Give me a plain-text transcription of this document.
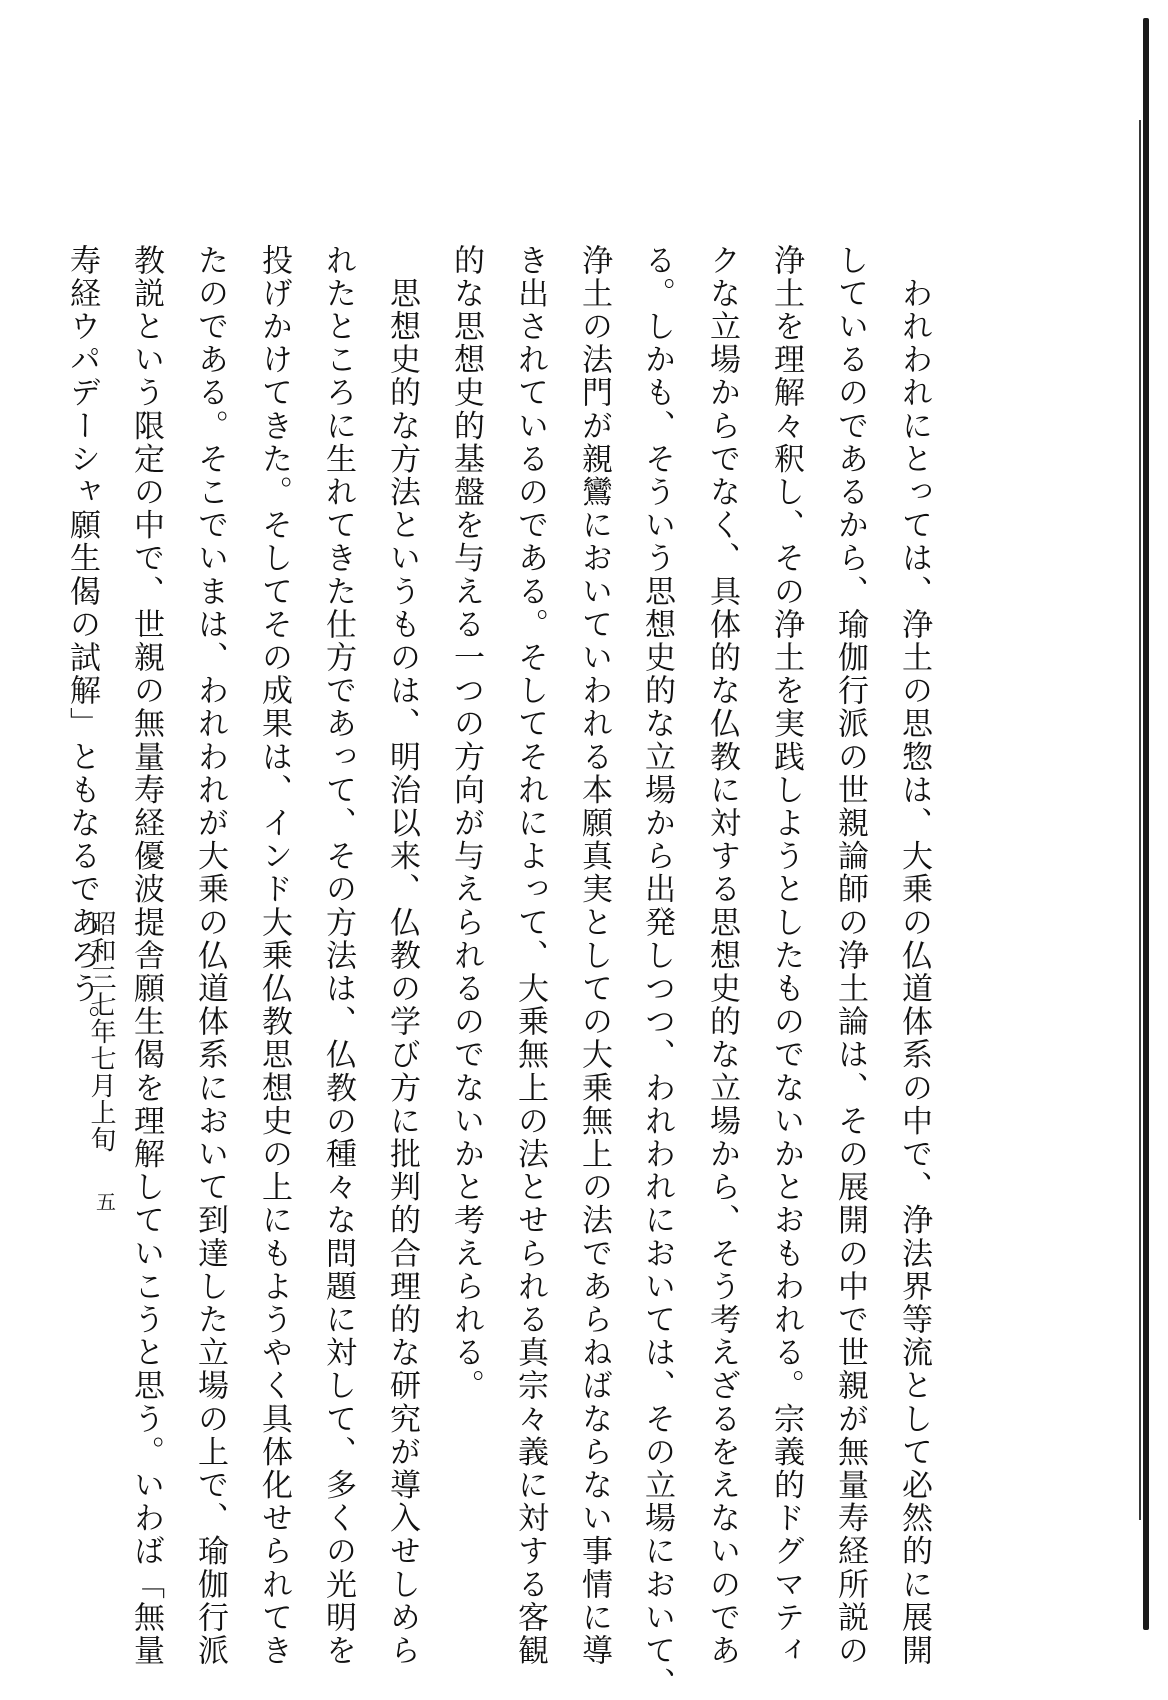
　われわれにとっては、浄土の思惣は、大乗の仏道体系の中で、浄法界等流として必然的に展開
しているのであるから、瑜伽行派の世親論師の浄土論は、その展開の中で世親が無量寿経所説の
浄土を理解々釈し、その浄土を実践しようとしたものでないかとおもわれる。宗義的ドグマティ
クな立場からでなく、具体的な仏教に対する思想史的な立場から、そう考えざるをえないのであ
る。しかも、そういう思想史的な立場から出発しつつ、われわれにおいては、その立場において、
浄土の法門が親鸞においていわれる本願真実としての大乗無上の法であらねばならない事情に導
き出されているのである。そしてそれによって、大乗無上の法とせられる真宗々義に対する客観
的な思想史的基盤を与える一つの方向が与えられるのでないかと考えられる。
　思想史的な方法というものは、明治以来、仏教の学び方に批判的合理的な研究が導入せしめら
れたところに生れてきた仕方であって、その方法は、仏教の種々な問題に対して、多くの光明を
投げかけてきた。そしてその成果は、インド大乗仏教思想史の上にもようやく具体化せられてき
たのである。そこでいまは、われわれが大乗の仏道体系において到達した立場の上で、瑜伽行派
教説という限定の中で、世親の無量寿経優波提舎願生偈を理解していこうと思う。いわば「無量
寿経ウパデーシャ願生偈の試解」ともなるであろう。
昭和三七年七月上旬
五
